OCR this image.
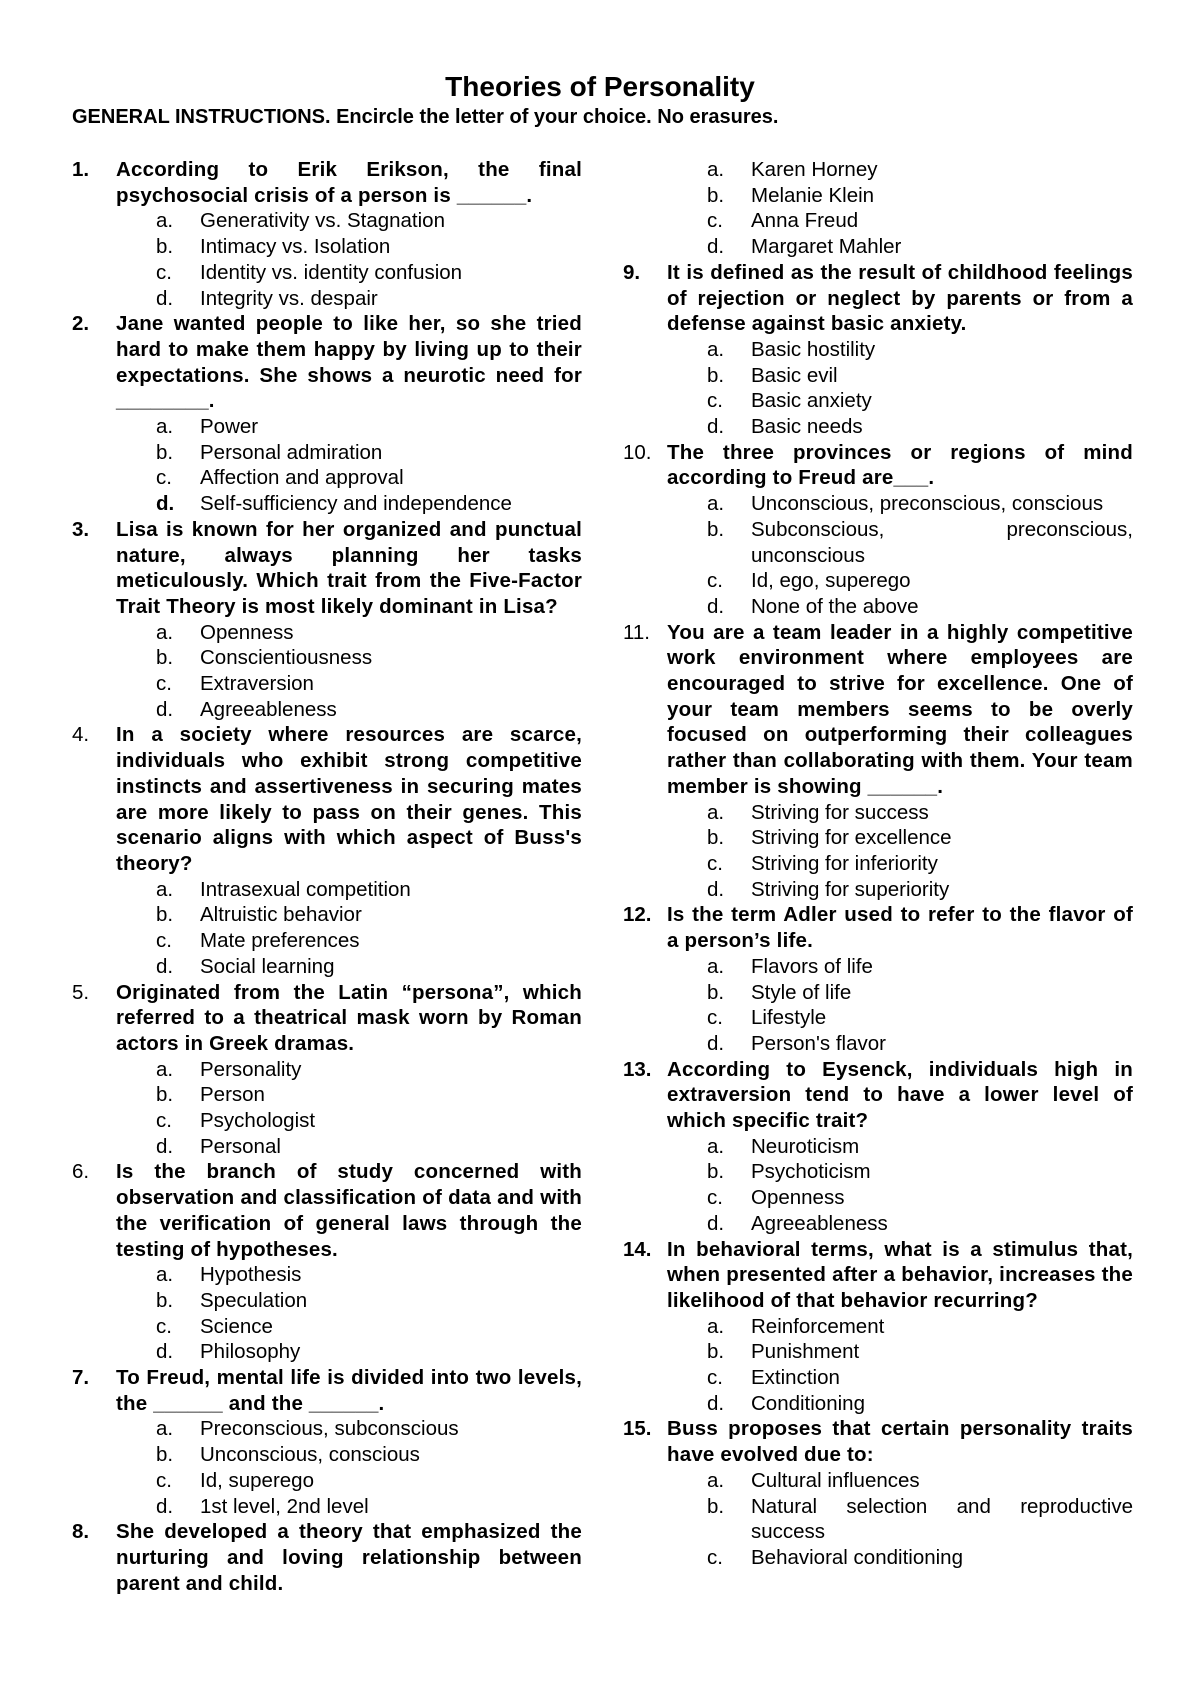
Theories of Personality
GENERAL INSTRUCTIONS. Encircle the letter of your choice. No erasures.
1.	According to Erik Erikson, the final psychosocial crisis of a person is ______.
a.	Generativity vs. Stagnation
b.	Intimacy vs. Isolation
c.	Identity vs. identity confusion
d.	Integrity vs. despair
2.	Jane wanted people to like her, so she tried hard to make them happy by living up to their expectations. She shows a neurotic need for ________.
a.	Power
b.	Personal admiration
c.	Affection and approval
d.	Self-sufficiency and independence
3.	Lisa is known for her organized and punctual nature, always planning her tasks meticulously. Which trait from the Five-Factor Trait Theory is most likely dominant in Lisa?
a.	Openness
b.	Conscientiousness
c.	Extraversion
d.	Agreeableness
4.	In a society where resources are scarce, individuals who exhibit strong competitive instincts and assertiveness in securing mates are more likely to pass on their genes. This scenario aligns with which aspect of Buss's theory?
a.	Intrasexual competition
b.	Altruistic behavior
c.	Mate preferences
d.	Social learning
5.	Originated from the Latin “persona”, which referred to a theatrical mask worn by Roman actors in Greek dramas.
a.	Personality
b.	Person
c.	Psychologist
d.	Personal
6.	Is the branch of study concerned with observation and classification of data and with the verification of general laws through the testing of hypotheses.
a.	Hypothesis
b.	Speculation
c.	Science
d.	Philosophy
7.	To Freud, mental life is divided into two levels, the ______ and the ______.
a.	Preconscious, subconscious
b.	Unconscious, conscious
c.	Id, superego
d.	1st level, 2nd level
8.	She developed a theory that emphasized the nurturing and loving relationship between parent and child.
a.	Karen Horney
b.	Melanie Klein
c.	Anna Freud
d.	Margaret Mahler
9.	It is defined as the result of childhood feelings of rejection or neglect by parents or from a defense against basic anxiety.
a.	Basic hostility
b.	Basic evil
c.	Basic anxiety
d.	Basic needs
10. The three provinces or regions of mind according to Freud are___.
a.	Unconscious, preconscious, conscious
b.	Subconscious, preconscious, unconscious
c.	Id, ego, superego
d.	None of the above
11. You are a team leader in a highly competitive work environment where employees are encouraged to strive for excellence. One of your team members seems to be overly focused on outperforming their colleagues rather than collaborating with them. Your team member is showing ______.
a.	Striving for success
b.	Striving for excellence
c.	Striving for inferiority
d.	Striving for superiority
12. Is the term Adler used to refer to the flavor of a person’s life.
a.	Flavors of life
b.	Style of life
c.	Lifestyle
d.	Person's flavor
13. According to Eysenck, individuals high in extraversion tend to have a lower level of which specific trait?
a.	Neuroticism
b.	Psychoticism
c.	Openness
d.	Agreeableness
14. In behavioral terms, what is a stimulus that, when presented after a behavior, increases the likelihood of that behavior recurring?
a.	Reinforcement
b.	Punishment
c.	Extinction
d.	Conditioning
15. Buss proposes that certain personality traits have evolved due to:
a.	Cultural influences
b.	Natural selection and reproductive success
c.	Behavioral conditioning
